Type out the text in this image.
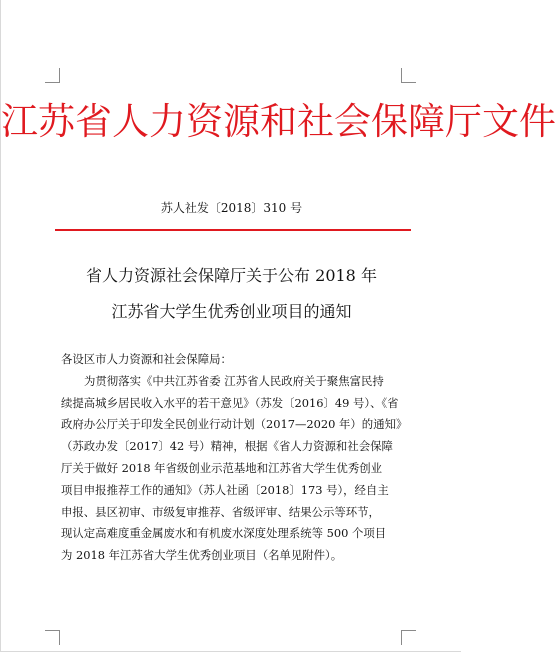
江苏省人力资源和社会保障厅文件
苏人社发〔2018〕310 号
省人力资源社会保障厅关于公布 2018 年
江苏省大学生优秀创业项目的通知
各设区市人力资源和社会保障局：
为贯彻落实《中共江苏省委 江苏省人民政府关于聚焦富民持
续提高城乡居民收入水平的若干意见》（苏发〔2016〕49 号）、《省
政府办公厅关于印发全民创业行动计划（2017—2020 年）的通知》
（苏政办发〔2017〕42 号）精神，根据《省人力资源和社会保障
厅关于做好 2018 年省级创业示范基地和江苏省大学生优秀创业
项目申报推荐工作的通知》（苏人社函〔2018〕173 号），经自主
申报、县区初审、市级复审推荐、省级评审、结果公示等环节，
现认定高难度重金属废水和有机废水深度处理系统等 500 个项目
为 2018 年江苏省大学生优秀创业项目（名单见附件）。
